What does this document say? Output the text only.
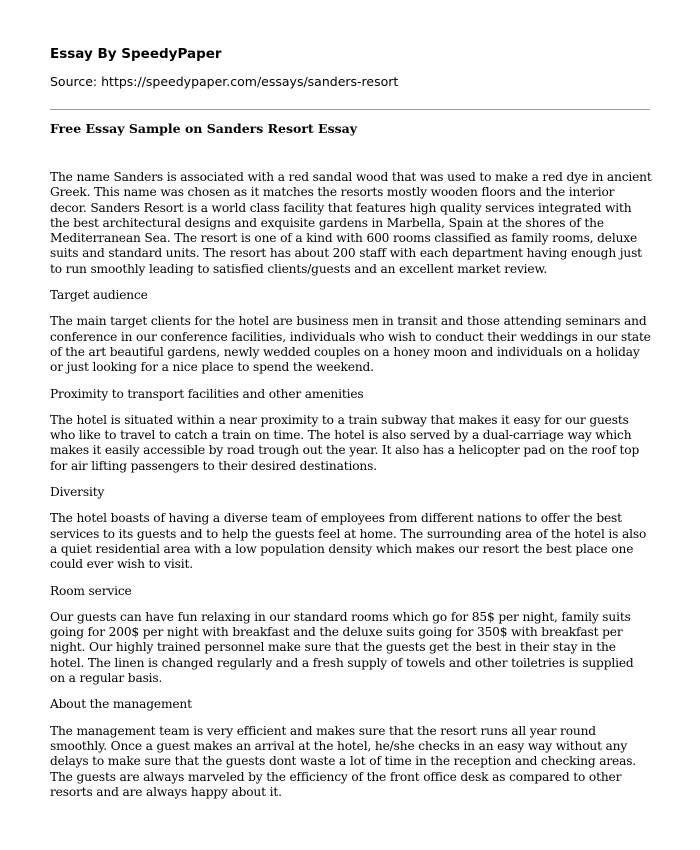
Essay By SpeedyPaper

Source: https://speedypaper.com/essays/sanders-resort

Free Essay Sample on Sanders Resort Essay

The name Sanders is associated with a red sandal wood that was used to make a red dye in ancient Greek. This name was chosen as it matches the resorts mostly wooden floors and the interior decor. Sanders Resort is a world class facility that features high quality services integrated with the best architectural designs and exquisite gardens in Marbella, Spain at the shores of the Mediterranean Sea. The resort is one of a kind with 600 rooms classified as family rooms, deluxe suits and standard units. The resort has about 200 staff with each department having enough just to run smoothly leading to satisfied clients/guests and an excellent market review.

Target audience

The main target clients for the hotel are business men in transit and those attending seminars and conference in our conference facilities, individuals who wish to conduct their weddings in our state of the art beautiful gardens, newly wedded couples on a honey moon and individuals on a holiday or just looking for a nice place to spend the weekend.

Proximity to transport facilities and other amenities

The hotel is situated within a near proximity to a train subway that makes it easy for our guests who like to travel to catch a train on time. The hotel is also served by a dual-carriage way which makes it easily accessible by road trough out the year. It also has a helicopter pad on the roof top for air lifting passengers to their desired destinations.

Diversity

The hotel boasts of having a diverse team of employees from different nations to offer the best services to its guests and to help the guests feel at home. The surrounding area of the hotel is also a quiet residential area with a low population density which makes our resort the best place one could ever wish to visit.

Room service

Our guests can have fun relaxing in our standard rooms which go for 85$ per night, family suits going for 200$ per night with breakfast and the deluxe suits going for 350$ with breakfast per night. Our highly trained personnel make sure that the guests get the best in their stay in the hotel. The linen is changed regularly and a fresh supply of towels and other toiletries is supplied on a regular basis.

About the management

The management team is very efficient and makes sure that the resort runs all year round smoothly. Once a guest makes an arrival at the hotel, he/she checks in an easy way without any delays to make sure that the guests dont waste a lot of time in the reception and checking areas. The guests are always marveled by the efficiency of the front office desk as compared to other resorts and are always happy about it.
